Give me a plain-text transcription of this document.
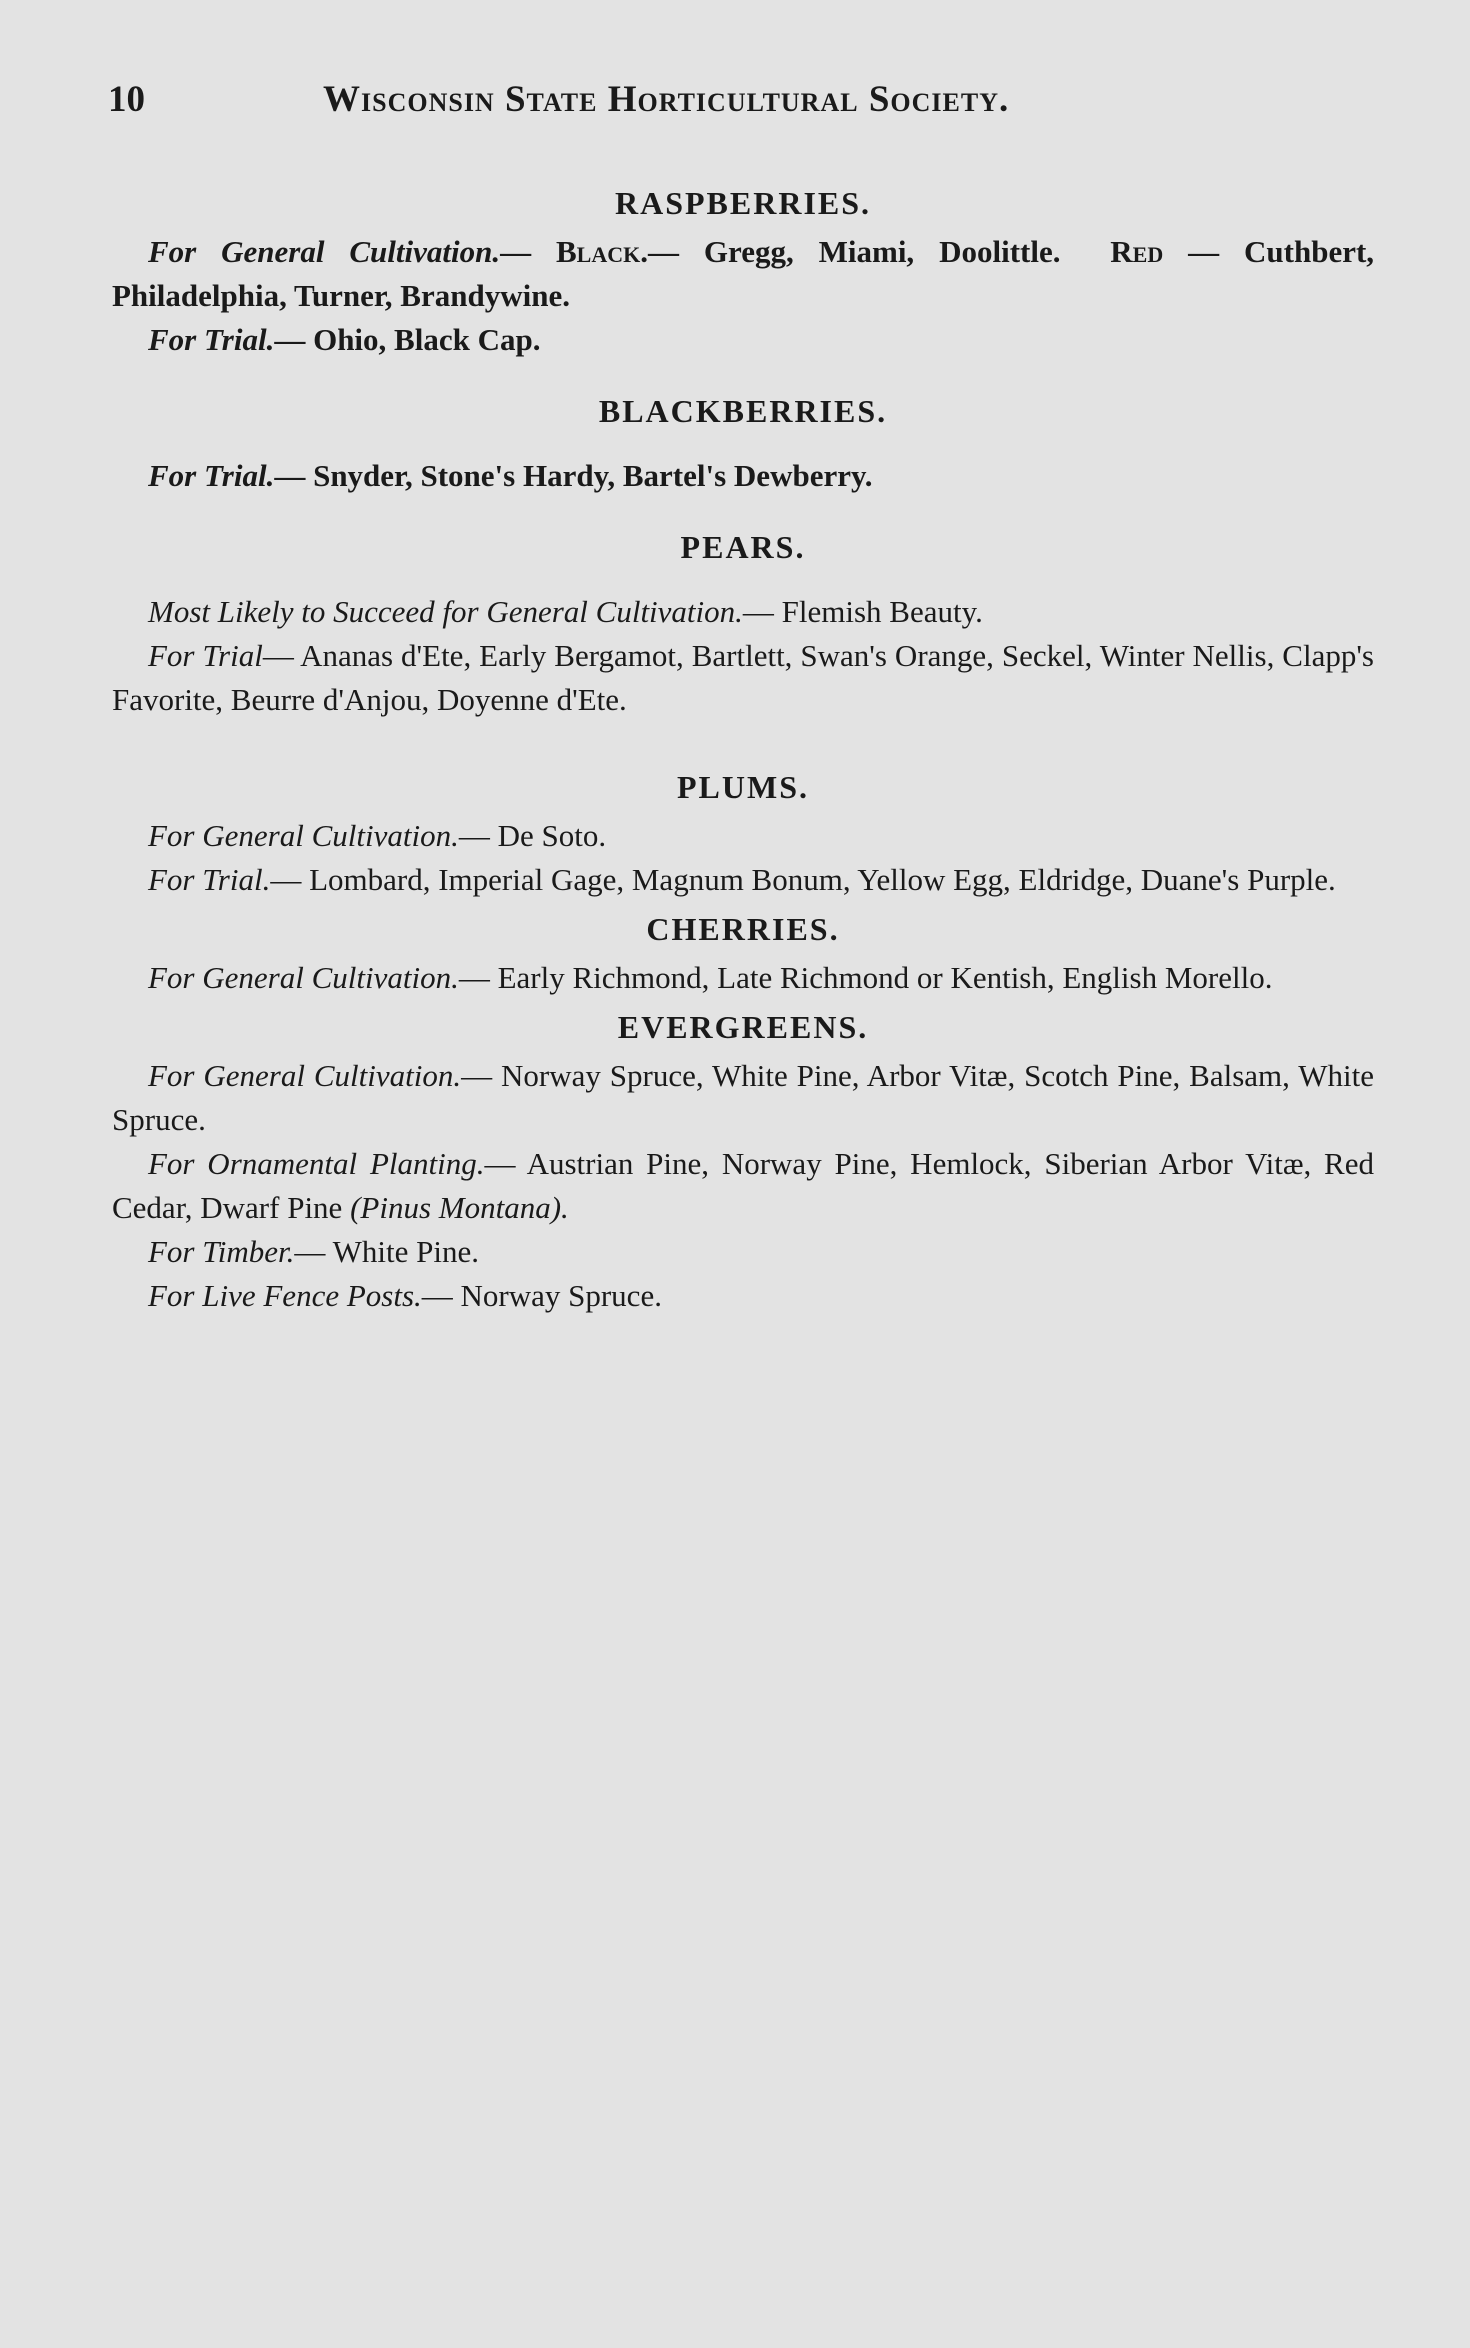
10	Wisconsin State Horticultural Society.
RASPBERRIES.

For General Cultivation.— Black.— Gregg, Miami, Doolittle. Red — Cuthbert, Philadelphia, Turner, Brandywine.

For Trial.— Ohio, Black Cap.

BLACKBERRIES.

For Trial.— Snyder, Stone's Hardy, Bartel's Dewberry.

PEARS.

Most Likely to Succeed for General Cultivation.— Flemish Beauty.

For Trial— Ananas d'Ete, Early Bergamot, Bartlett, Swan's Orange, Seckel, Winter Nellis, Clapp's Favorite, Beurre d'Anjou, Doyenne d'Ete.

PLUMS.

For General Cultivation.— De Soto.

For Trial.— Lombard, Imperial Gage, Magnum Bonum, Yellow Egg, Eldridge, Duane's Purple.

CHERRIES.

For General Cultivation.— Early Richmond, Late Richmond or Kentish, English Morello.

EVERGREENS.

For General Cultivation.— Norway Spruce, White Pine, Arbor Vitæ, Scotch Pine, Balsam, White Spruce.

For Ornamental Planting.— Austrian Pine, Norway Pine, Hemlock, Siberian Arbor Vitæ, Red Cedar, Dwarf Pine (Pinus Montana).

For Timber.— White Pine.

For Live Fence Posts.— Norway Spruce.
